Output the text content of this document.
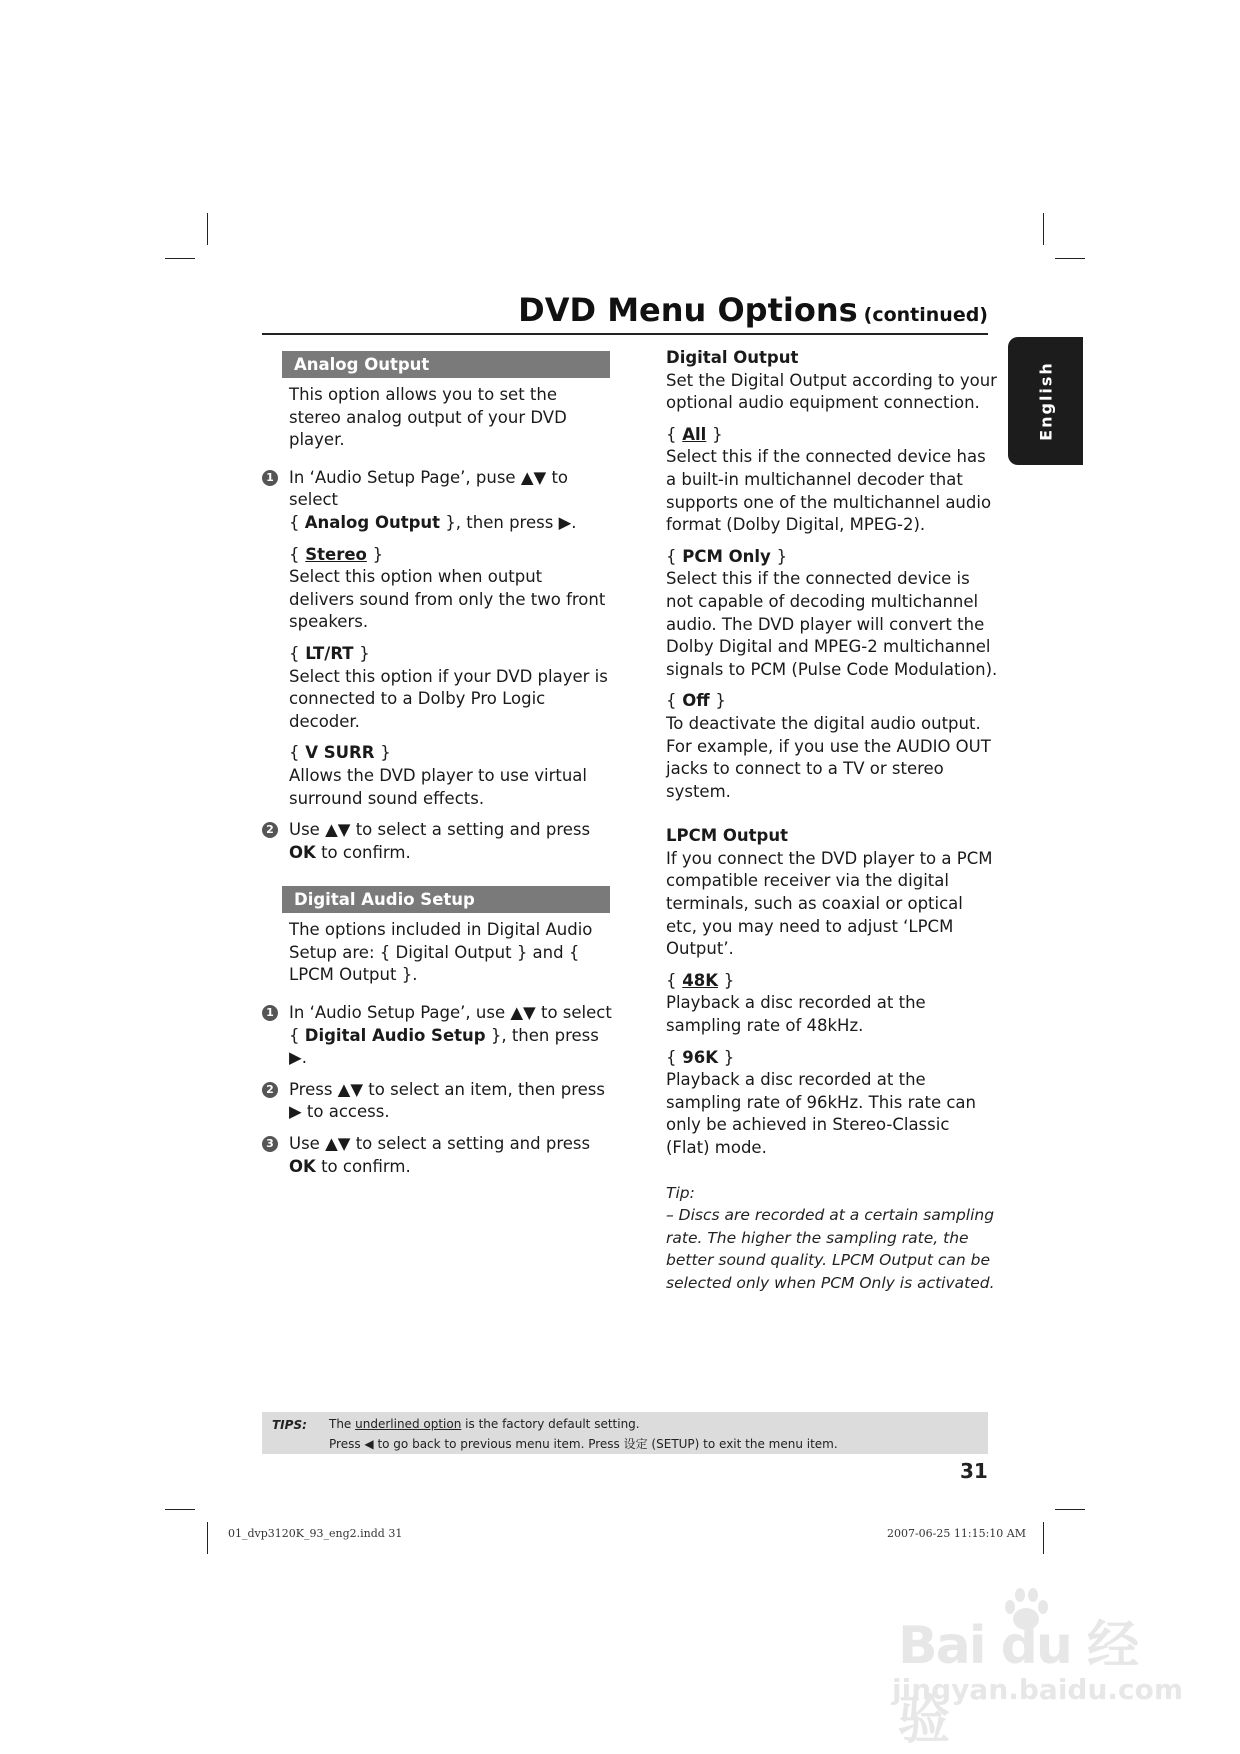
DVD Menu Options (continued)
English
Analog Output

This option allows you to set the stereo analog output of your DVD player.

1 In ‘Audio Setup Page’, puse ▲▼ to select
{ Analog Output }, then press ▶.
{ Stereo }

Select this option when output delivers sound from only the two front speakers.

{ LT/RT }

Select this option if your DVD player is connected to a Dolby Pro Logic decoder.

{ V SURR }

Allows the DVD player to use virtual surround sound effects.

2 Use ▲▼ to select a setting and press
OK to confirm.
Digital Audio Setup

The options included in Digital Audio Setup are: { Digital Output } and { LPCM Output }.

1 In ‘Audio Setup Page’, use ▲▼ to select
{ Digital Audio Setup }, then press ▶.
2 Press ▲▼ to select an item, then press ▶ to access.
3 Use ▲▼ to select a setting and press
OK to confirm.

Digital Output

Set the Digital Output according to your optional audio equipment connection.

{ All }

Select this if the connected device has a built-in multichannel decoder that supports one of the multichannel audio format (Dolby Digital, MPEG-2).

{ PCM Only }

Select this if the connected device is not capable of decoding multichannel audio. The DVD player will convert the Dolby Digital and MPEG-2 multichannel signals to PCM (Pulse Code Modulation).

{ Off }

To deactivate the digital audio output. For example, if you use the AUDIO OUT jacks to connect to a TV or stereo system.

LPCM Output

If you connect the DVD player to a PCM compatible receiver via the digital terminals, such as coaxial or optical etc, you may need to adjust ‘LPCM Output’.

{ 48K }

Playback a disc recorded at the sampling rate of 48kHz.

{ 96K }

Playback a disc recorded at the sampling rate of 96kHz. This rate can only be achieved in Stereo-Classic (Flat) mode.

Tip:

– Discs are recorded at a certain sampling rate. The higher the sampling rate, the better sound quality. LPCM Output can be selected only when PCM Only is activated.

TIPS: The underlined option is the factory default setting.
Press ◀ to go back to previous menu item. Press 设定 (SETUP) to exit the menu item.
31
01_dvp3120K_93_eng2.indd 31	2007-06-25 11:15:10 AM
Bai du 经验
jingyan.baidu.com
